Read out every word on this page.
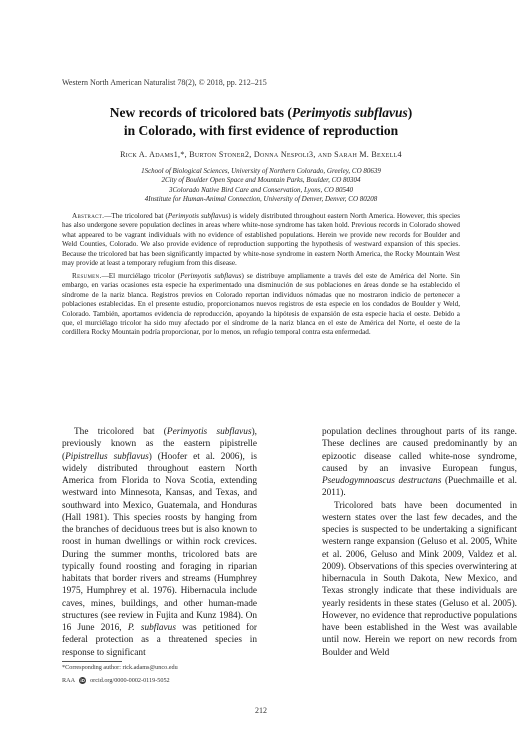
Western North American Naturalist 78(2), © 2018, pp. 212–215
New records of tricolored bats (Perimyotis subflavus)
in Colorado, with first evidence of reproduction
Rick A. Adams1,*, Burton Stoner2, Donna Nespoli3, and Sarah M. Bexell4
1School of Biological Sciences, University of Northern Colorado, Greeley, CO 80639
2City of Boulder Open Space and Mountain Parks, Boulder, CO 80304
3Colorado Native Bird Care and Conservation, Lyons, CO 80540
4Institute for Human-Animal Connection, University of Denver, Denver, CO 80208
Abstract.—The tricolored bat (Perimyotis subflavus) is widely distributed throughout eastern North America. However, this species has also undergone severe population declines in areas where white-nose syndrome has taken hold. Previous records in Colorado showed what appeared to be vagrant individuals with no evidence of established populations. Herein we provide new records for Boulder and Weld Counties, Colorado. We also provide evidence of reproduction supporting the hypothesis of westward expansion of this species. Because the tricolored bat has been significantly impacted by white-nose syndrome in eastern North America, the Rocky Mountain West may provide at least a temporary refugium from this disease.
Resumen.—El murciélago tricolor (Perimyotis subflavus) se distribuye ampliamente a través del este de América del Norte. Sin embargo, en varias ocasiones esta especie ha experimentado una disminución de sus poblaciones en áreas donde se ha establecido el síndrome de la nariz blanca. Registros previos en Colorado reportan individuos nómadas que no mostraron indicio de pertenecer a poblaciones establecidas. En el presente estudio, proporcionamos nuevos registros de esta especie en los condados de Boulder y Weld, Colorado. También, aportamos evidencia de reproducción, apoyando la hipótesis de expansión de esta especie hacia el oeste. Debido a que, el murciélago tricolor ha sido muy afectado por el síndrome de la nariz blanca en el este de América del Norte, el oeste de la cordillera Rocky Mountain podría proporcionar, por lo menos, un refugio temporal contra esta enfermedad.

The tricolored bat (Perimyotis subflavus), previously known as the eastern pipistrelle (Pipistrellus subflavus) (Hoofer et al. 2006), is widely distributed throughout eastern North America from Florida to Nova Scotia, extending westward into Minnesota, Kansas, and Texas, and southward into Mexico, Guatemala, and Honduras (Hall 1981). This species roosts by hanging from the branches of deciduous trees but is also known to roost in human dwellings or within rock crevices. During the summer months, tricolored bats are typically found roosting and foraging in riparian habitats that border rivers and streams (Humphrey 1975, Humphrey et al. 1976). Hibernacula include caves, mines, buildings, and other human-made structures (see review in Fujita and Kunz 1984). On 16 June 2016, P. subflavus was petitioned for federal protection as a threatened species in response to significant

population declines throughout parts of its range. These declines are caused predominantly by an epizootic disease called white-nose syndrome, caused by an invasive European fungus, Pseudogymnoascus destructans (Puechmaille et al. 2011).

Tricolored bats have been documented in western states over the last few decades, and the species is suspected to be undertaking a significant western range expansion (Geluso et al. 2005, White et al. 2006, Geluso and Mink 2009, Valdez et al. 2009). Observations of this species overwintering at hibernacula in South Dakota, New Mexico, and Texas strongly indicate that these individuals are yearly residents in these states (Geluso et al. 2005). However, no evidence that reproductive populations have been established in the West was available until now. Herein we report on new records from Boulder and Weld

*Corresponding author: rick.adams@unco.edu
RAA iD orcid.org/0000-0002-0119-5052
212
